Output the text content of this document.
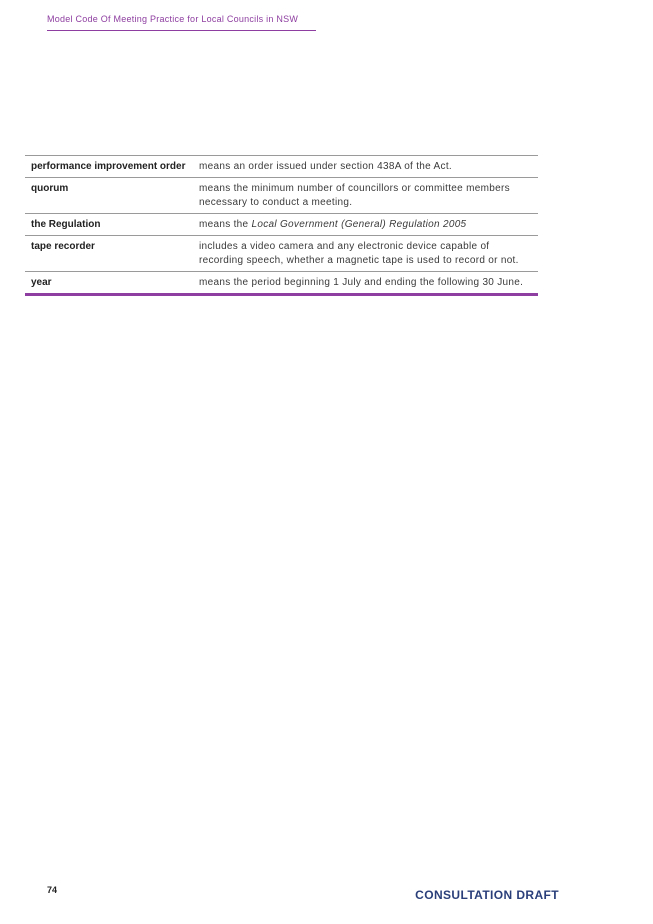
Model Code Of Meeting Practice for Local Councils in NSW
performance improvement order	means an order issued under section 438A of the Act.
quorum	means the minimum number of councillors or committee members necessary to conduct a meeting.
the Regulation	means the Local Government (General) Regulation 2005
tape recorder	includes a video camera and any electronic device capable of recording speech, whether a magnetic tape is used to record or not.
year	means the period beginning 1 July and ending the following 30 June.
74	CONSULTATION DRAFT
